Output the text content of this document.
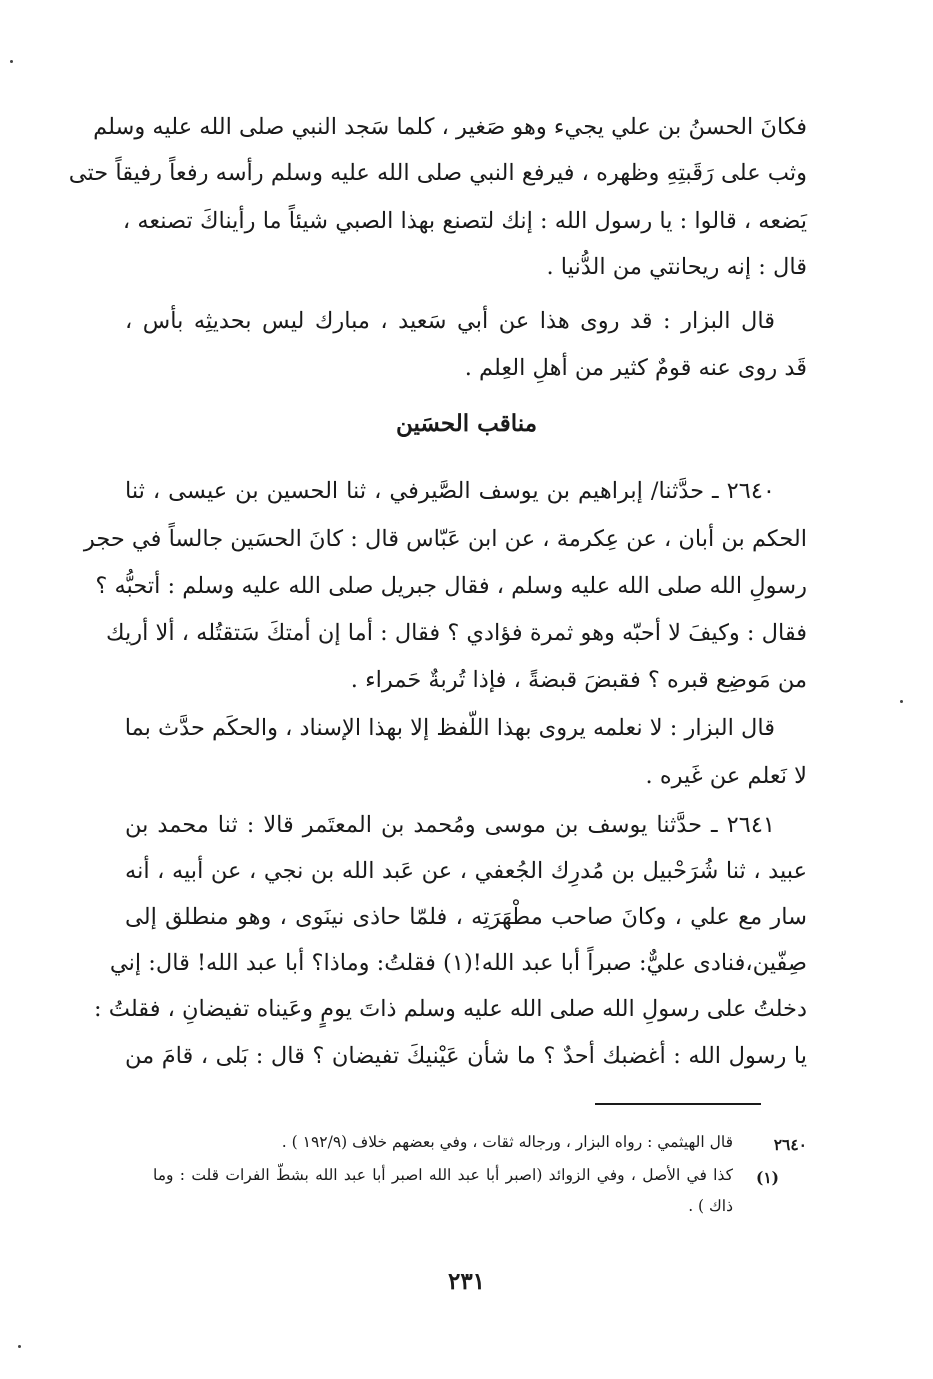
فكانَ الحسنُ بن علي يجيء وهو صَغير ، كلما سَجد النبي صلى الله عليه وسلم
وثب على رَقَبتِهِ وظهره ، فيرفع النبي صلى الله عليه وسلم رأسه رفعاً رفيقاً حتى
يَضعه ، قالوا : يا رسول الله : إنك لتصنع بهذا الصبي شيئاً ما رأيناكَ تصنعه ،
قال : إنه ريحانتي من الدُّنيا .
قال البزار : قد روى هذا عن أبي سَعيد ، مبارك ليس بحديثِه بأس ،
قَد روى عنه قومٌ كثير من أهلِ العِلم .
مناقب الحسَين
٢٦٤٠ ـ حدَّثنا/ إبراهيم بن يوسف الصَّيرفي ، ثنا الحسين بن عيسى ، ثنا
الحكم بن أبان ، عن عِكرمة ، عن ابن عَبّاس قال : كانَ الحسَين جالساً في حجر
رسولِ الله صلى الله عليه وسلم ، فقال جبريل صلى الله عليه وسلم : أتحبُّه ؟
فقال : وكيفَ لا أحبّه وهو ثمرة فؤادي ؟ فقال : أما إن أمتكَ سَتقتُله ، ألا أريك
من مَوضِع قبره ؟ فقبضَ قبضةً ، فإذا تُربةٌ حَمراء .
قال البزار : لا نعلمه يروى بهذا اللّفظ إلا بهذا الإسناد ، والحكَم حدَّث بما
لا نَعلم عن غَيره .
٢٦٤١ ـ حدَّثنا يوسف بن موسى ومُحمد بن المعتَمر قالا : ثنا محمد بن
عبيد ، ثنا شُرَحْبيل بن مُدرِك الجُعفي ، عن عَبد الله بن نجي ، عن أبيه ، أنه
سار مع علي ، وكانَ صاحب مطْهَرَتِه ، فلمّا حاذى نينَوى ، وهو منطلق إلى
صِفّين،فنادى عليٌّ: صبراً أبا عبد الله!(١) فقلتُ: وماذا؟ أبا عبد الله! قال: إني
دخلتُ على رسولِ الله صلى الله عليه وسلم ذاتَ يومٍ وعَيناه تفيضانِ ، فقلتُ :
يا رسول الله : أغضبك أحدٌ ؟ ما شأن عَيْنيكَ تفيضان ؟ قال : بَلى ، قامَ من
٢٦٤٠
قال الهيثمي : رواه البزار ، ورجاله ثقات ، وفي بعضهم خلاف (١٩٢/٩ ) .
(١)
كذا في الأصل ، وفي الزوائد (اصبر أبا عبد الله اصبر أبا عبد الله بشطّ الفرات قلت : وما
ذاك ) .
٢٣١
